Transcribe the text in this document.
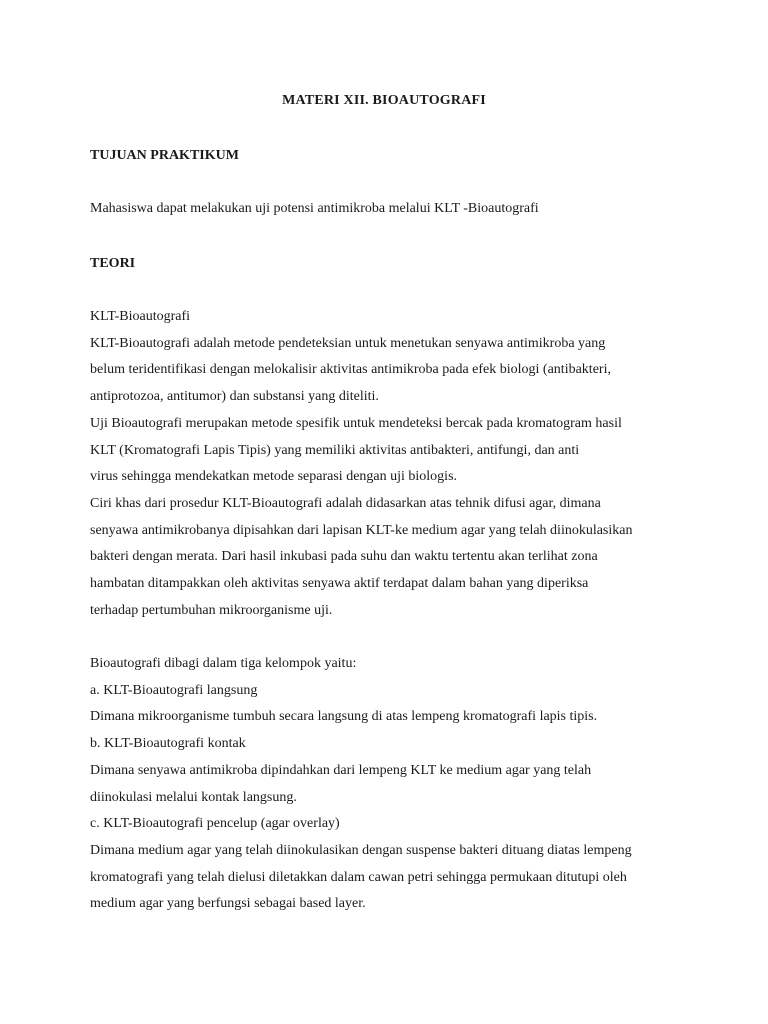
MATERI XII. BIOAUTOGRAFI
TUJUAN PRAKTIKUM

Mahasiswa dapat melakukan uji potensi antimikroba melalui KLT -Bioautografi

TEORI
KLT-Bioautografi
KLT-Bioautografi adalah metode pendeteksian untuk menetukan senyawa antimikroba yang
belum teridentifikasi dengan melokalisir aktivitas antimikroba pada efek biologi (antibakteri,
antiprotozoa, antitumor) dan substansi yang diteliti.
Uji Bioautografi merupakan metode spesifik untuk mendeteksi bercak pada kromatogram hasil
KLT (Kromatografi Lapis Tipis) yang memiliki aktivitas antibakteri, antifungi, dan anti
virus sehingga mendekatkan metode separasi dengan uji biologis.
Ciri khas dari prosedur KLT-Bioautografi adalah didasarkan atas tehnik difusi agar, dimana
senyawa antimikrobanya dipisahkan dari lapisan KLT-ke medium agar yang telah diinokulasikan
bakteri dengan merata. Dari hasil inkubasi pada suhu dan waktu tertentu akan terlihat zona
hambatan ditampakkan oleh aktivitas senyawa aktif terdapat dalam bahan yang diperiksa
terhadap pertumbuhan mikroorganisme uji.
Bioautografi dibagi dalam tiga kelompok yaitu:
a. KLT-Bioautografi langsung
Dimana mikroorganisme tumbuh secara langsung di atas lempeng kromatografi lapis tipis.
b. KLT-Bioautografi kontak
Dimana senyawa antimikroba dipindahkan dari lempeng KLT ke medium agar yang telah
diinokulasi melalui kontak langsung.
c. KLT-Bioautografi pencelup (agar overlay)
Dimana medium agar yang telah diinokulasikan dengan suspense bakteri dituang diatas lempeng
kromatografi yang telah dielusi diletakkan dalam cawan petri sehingga permukaan ditutupi oleh
medium agar yang berfungsi sebagai based layer.
